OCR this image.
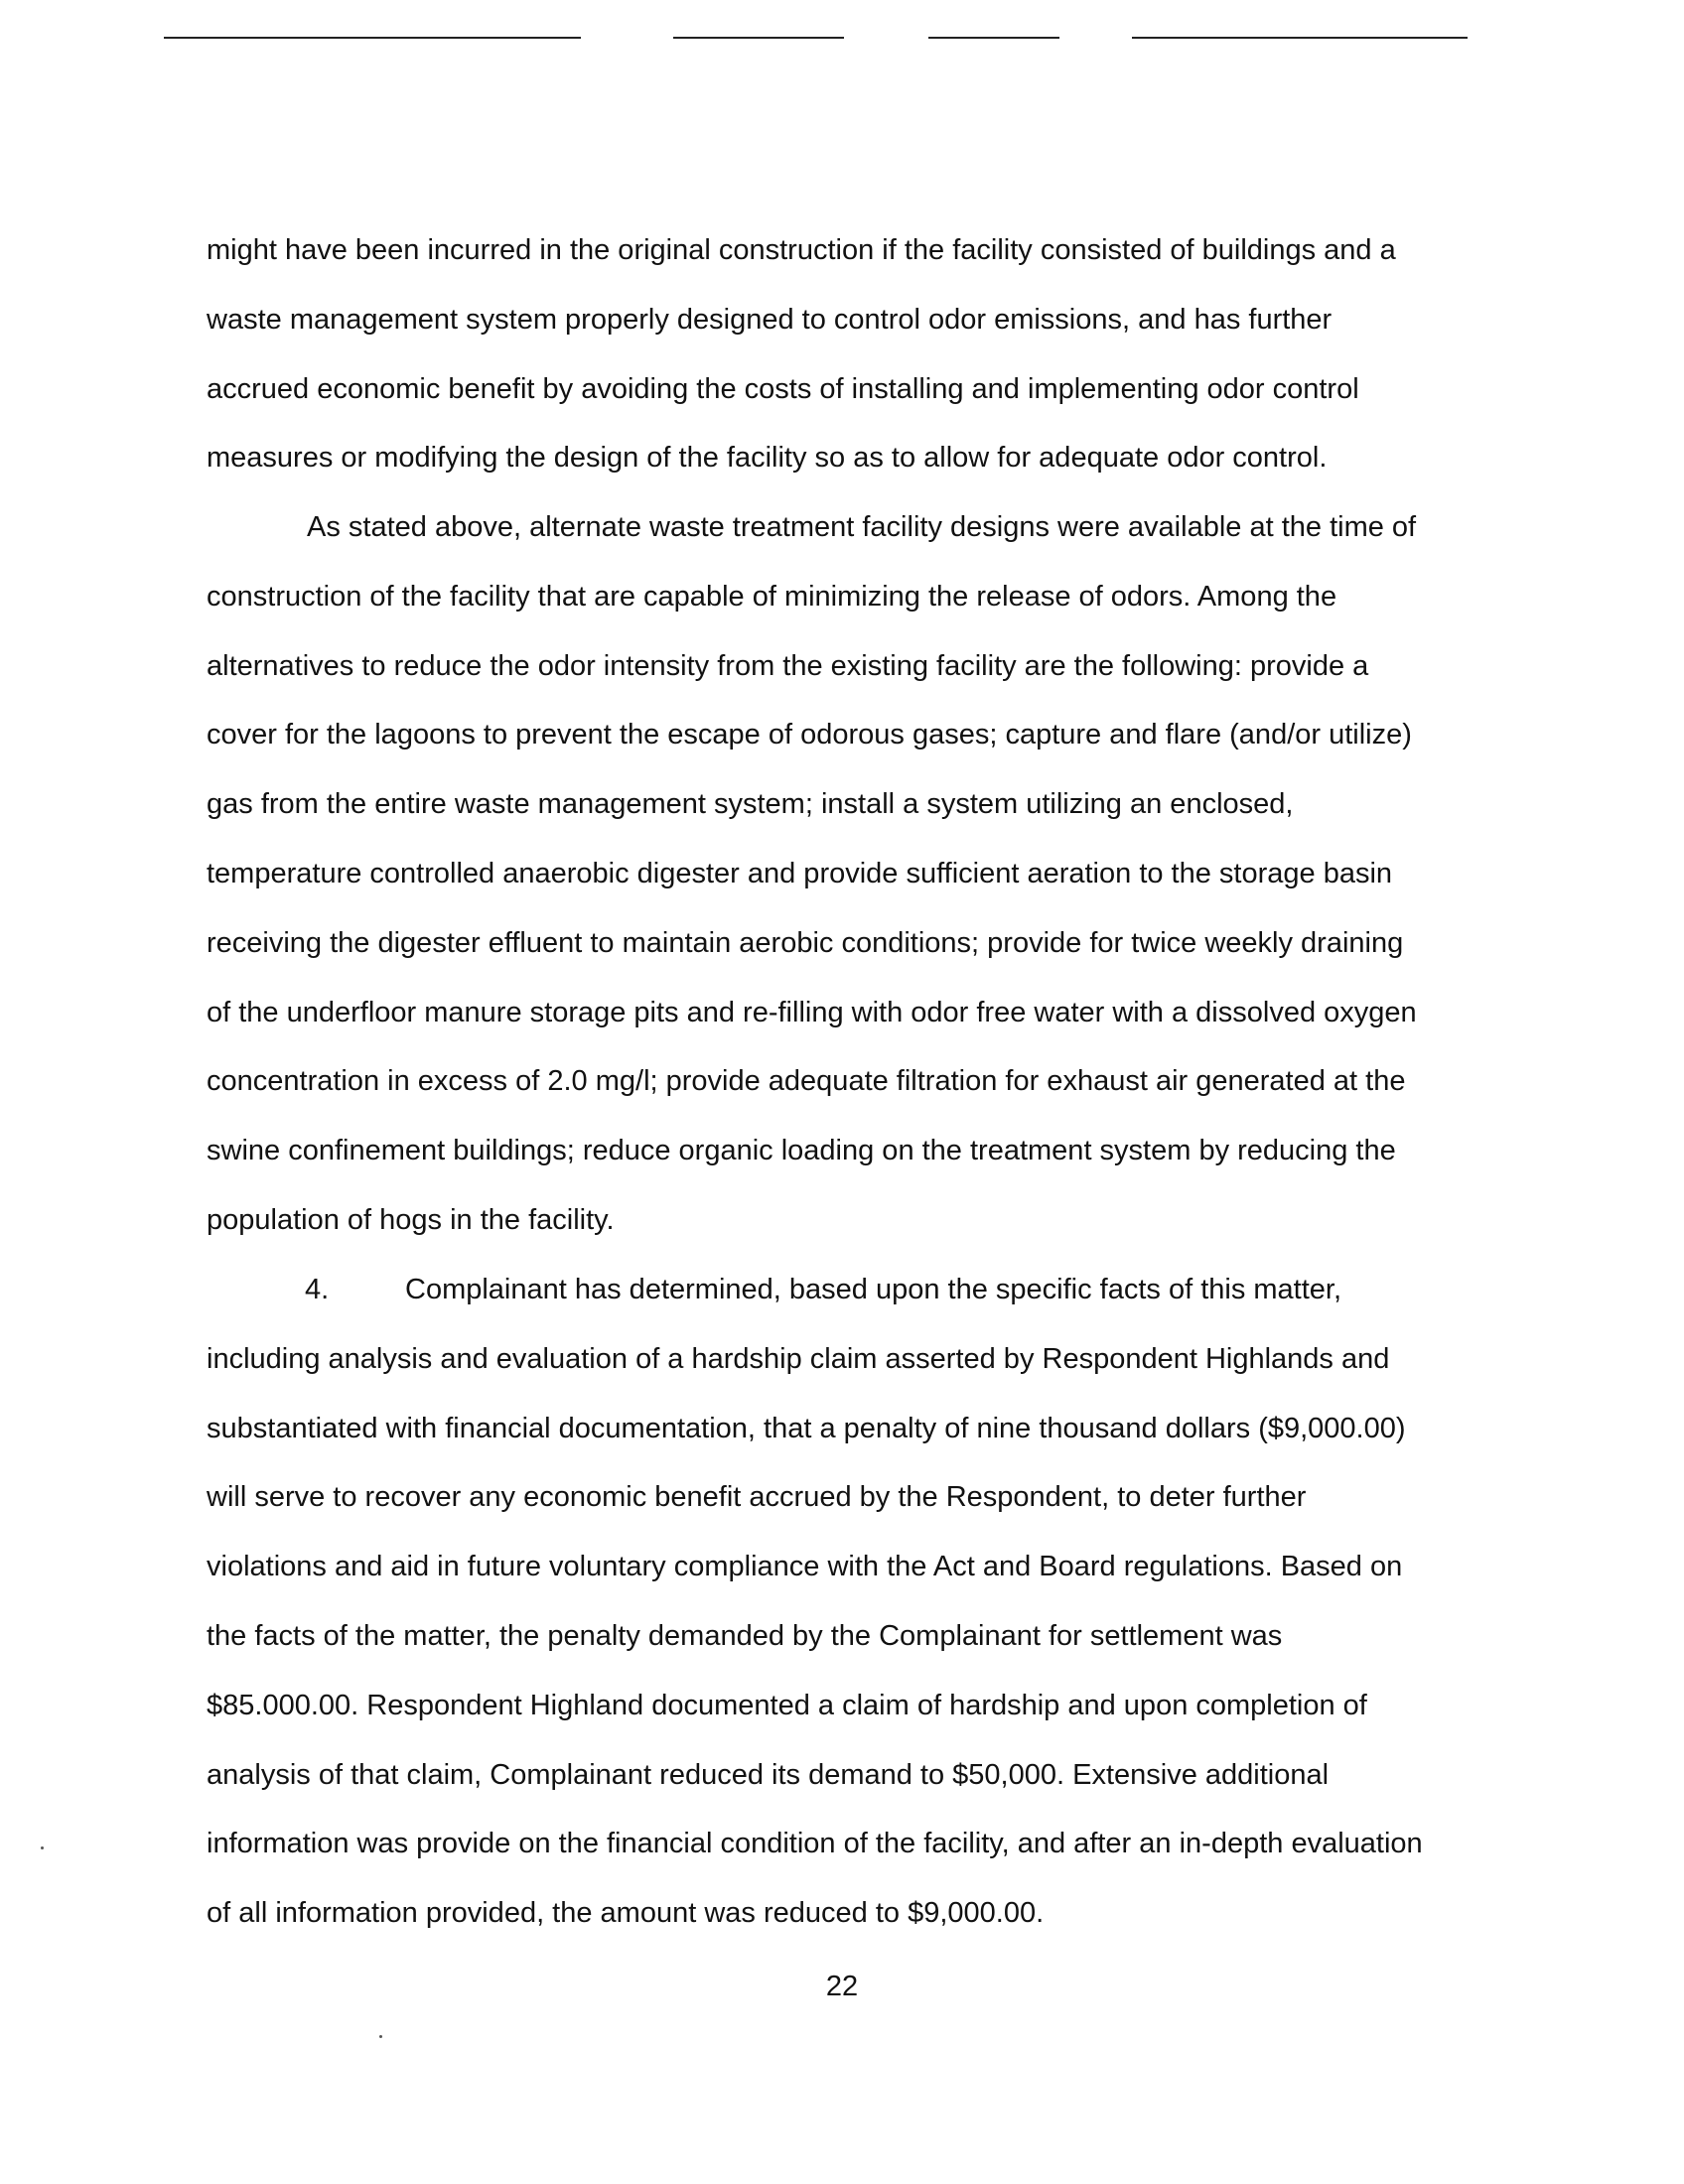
might have been incurred in the original construction if the facility consisted of buildings and a
waste management system properly designed to control odor emissions, and has further
accrued economic benefit by avoiding the costs of installing and implementing odor control
measures or modifying the design of the facility so as to allow for adequate odor control.
As stated above, alternate waste treatment facility designs were available at the time of
construction of the facility that are capable of minimizing the release of odors. Among the
alternatives to reduce the odor intensity from the existing facility are the following: provide a
cover for the lagoons to prevent the escape of odorous gases; capture and flare (and/or utilize)
gas from the entire waste management system; install a system utilizing an enclosed,
temperature controlled anaerobic digester and provide sufficient aeration to the storage basin
receiving the digester effluent to maintain aerobic conditions; provide for twice weekly draining
of the underfloor manure storage pits and re-filling with odor free water with a dissolved oxygen
concentration in excess of 2.0 mg/l; provide adequate filtration for exhaust air generated at the
swine confinement buildings; reduce organic loading on the treatment system by reducing the
population of hogs in the facility.
4.	Complainant has determined, based upon the specific facts of this matter,
including analysis and evaluation of a hardship claim asserted by Respondent Highlands and
substantiated with financial documentation, that a penalty of nine thousand dollars ($9,000.00)
will serve to recover any economic benefit accrued by the Respondent, to deter further
violations and aid in future voluntary compliance with the Act and Board regulations. Based on
the facts of the matter, the penalty demanded by the Complainant for settlement was
$85.000.00. Respondent Highland documented a claim of hardship and upon completion of
analysis of that claim, Complainant reduced its demand to $50,000. Extensive additional
information was provide on the financial condition of the facility, and after an in-depth evaluation
of all information provided, the amount was reduced to $9,000.00.
22
